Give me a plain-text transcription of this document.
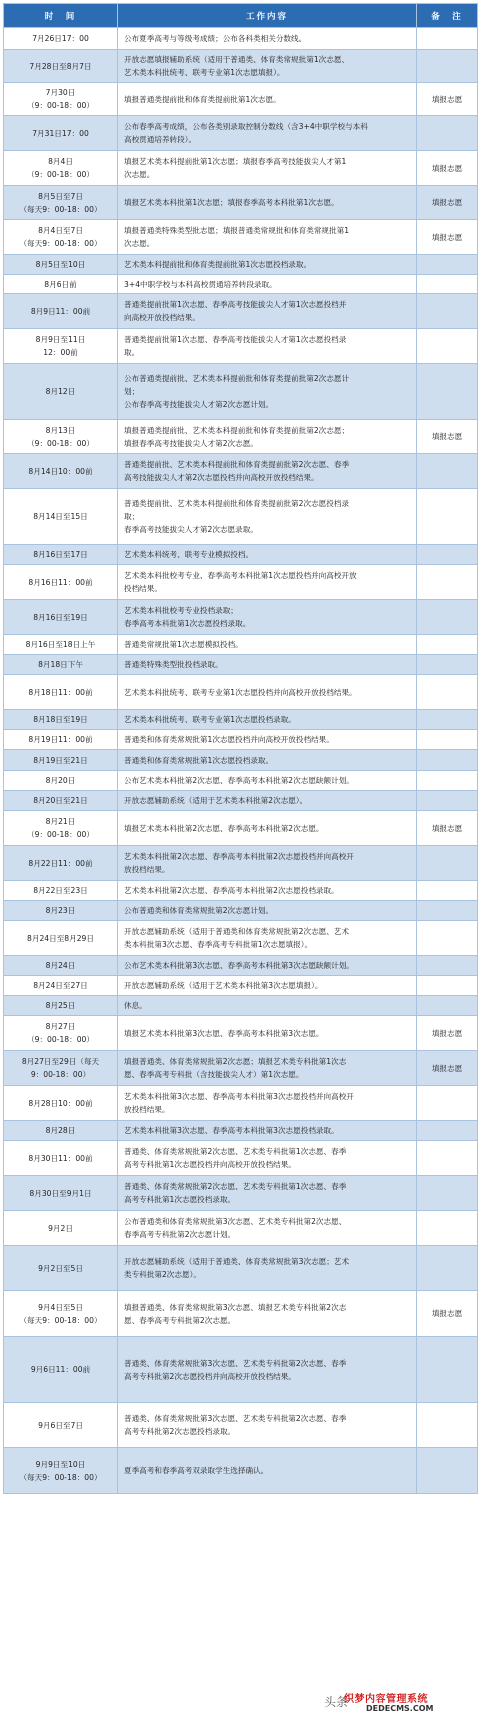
时　间	工作内容	备　注

7月26日17：00	公布夏季高考与等级考成绩；公布各科类相关分数线。	

7月28日至8月7日	开放志愿填报辅助系统（适用于普通类、体育类常规批第1次志愿、
艺术类本科批统考、联考专业第1次志愿填报）。	

7月30日
（9：00-18：00）	填报普通类提前批和体育类提前批第1次志愿。	填报志愿

7月31日17：00	公布春季高考成绩，公布各类别录取控制分数线（含3+4中职学校与本科
高校贯通培养转段）。	

8月4日
（9：00-18：00）	填报艺术类本科提前批第1次志愿；填报春季高考技能拔尖人才第1
次志愿。	填报志愿

8月5日至7日
（每天9：00-18：00）	填报艺术类本科批第1次志愿；填报春季高考本科批第1次志愿。	填报志愿

8月4日至7日
（每天9：00-18：00）	填报普通类特殊类型批志愿；填报普通类常规批和体育类常规批第1
次志愿。	填报志愿

8月5日至10日	艺术类本科提前批和体育类提前批第1次志愿投档录取。	

8月6日前	3+4中职学校与本科高校贯通培养转段录取。	

8月9日11：00前	普通类提前批第1次志愿、春季高考技能拔尖人才第1次志愿投档并
向高校开放投档结果。	

8月9日至11日
12：00前	普通类提前批第1次志愿、春季高考技能拔尖人才第1次志愿投档录
取。	

8月12日	公布普通类提前批、艺术类本科提前批和体育类提前批第2次志愿计
划；
公布春季高考技能拔尖人才第2次志愿计划。	

8月13日
（9：00-18：00）	填报普通类提前批、艺术类本科提前批和体育类提前批第2次志愿；
填报春季高考技能拔尖人才第2次志愿。	填报志愿

8月14日10：00前	普通类提前批、艺术类本科提前批和体育类提前批第2次志愿、春季
高考技能拔尖人才第2次志愿投档并向高校开放投档结果。	

8月14日至15日	普通类提前批、艺术类本科提前批和体育类提前批第2次志愿投档录
取；
春季高考技能拔尖人才第2次志愿录取。	

8月16日至17日	艺术类本科统考、联考专业模拟投档。	

8月16日11：00前	艺术类本科批校考专业、春季高考本科批第1次志愿投档并向高校开放
投档结果。	

8月16日至19日	艺术类本科批校考专业投档录取；
春季高考本科批第1次志愿投档录取。	

8月16日至18日上午	普通类常规批第1次志愿模拟投档。	

8月18日下午	普通类特殊类型批投档录取。	

8月18日11：00前	艺术类本科批统考、联考专业第1次志愿投档并向高校开放投档结果。	

8月18日至19日	艺术类本科批统考、联考专业第1次志愿投档录取。	

8月19日11：00前	普通类和体育类常规批第1次志愿投档并向高校开放投档结果。	

8月19日至21日	普通类和体育类常规批第1次志愿投档录取。	

8月20日	公布艺术类本科批第2次志愿、春季高考本科批第2次志愿缺额计划。	

8月20日至21日	开放志愿辅助系统（适用于艺术类本科批第2次志愿）。	

8月21日
（9：00-18：00）	填报艺术类本科批第2次志愿、春季高考本科批第2次志愿。	填报志愿

8月22日11：00前	艺术类本科批第2次志愿、春季高考本科批第2次志愿投档并向高校开
放投档结果。	

8月22日至23日	艺术类本科批第2次志愿、春季高考本科批第2次志愿投档录取。	

8月23日	公布普通类和体育类常规批第2次志愿计划。	

8月24日至8月29日	开放志愿辅助系统（适用于普通类和体育类常规批第2次志愿、艺术
类本科批第3次志愿、春季高考专科批第1次志愿填报）。	

8月24日	公布艺术类本科批第3次志愿、春季高考本科批第3次志愿缺额计划。	

8月24日至27日	开放志愿辅助系统（适用于艺术类本科批第3次志愿填报）。	

8月25日	休息。	

8月27日
（9：00-18：00）	填报艺术类本科批第3次志愿、春季高考本科批第3次志愿。	填报志愿

8月27日至29日（每天
9：00-18：00）	填报普通类、体育类常规批第2次志愿；填报艺术类专科批第1次志
愿、春季高考专科批（含技能拔尖人才）第1次志愿。	填报志愿

8月28日10：00前	艺术类本科批第3次志愿、春季高考本科批第3次志愿投档并向高校开
放投档结果。	

8月28日	艺术类本科批第3次志愿、春季高考本科批第3次志愿投档录取。	

8月30日11：00前	普通类、体育类常规批第2次志愿、艺术类专科批第1次志愿、春季
高考专科批第1次志愿投档并向高校开放投档结果。	

8月30日至9月1日	普通类、体育类常规批第2次志愿、艺术类专科批第1次志愿、春季
高考专科批第1次志愿投档录取。	

9月2日	公布普通类和体育类常规批第3次志愿、艺术类专科批第2次志愿、
春季高考专科批第2次志愿计划。	

9月2日至5日	开放志愿辅助系统（适用于普通类、体育类常规批第3次志愿；艺术
类专科批第2次志愿）。	

9月4日至5日
（每天9：00-18：00）	填报普通类、体育类常规批第3次志愿、填报艺术类专科批第2次志
愿、春季高考专科批第2次志愿。	填报志愿

9月6日11：00前	普通类、体育类常规批第3次志愿、艺术类专科批第2次志愿、春季
高考专科批第2次志愿投档并向高校开放投档结果。	

9月6日至7日	普通类、体育类常规批第3次志愿、艺术类专科批第2次志愿、春季
高考专科批第2次志愿投档录取。	

9月9日至10日
（每天9：00-18：00）	夏季高考和春季高考双录取学生选择确认。	

头条
织梦内容管理系统
DEDECMS.COM
